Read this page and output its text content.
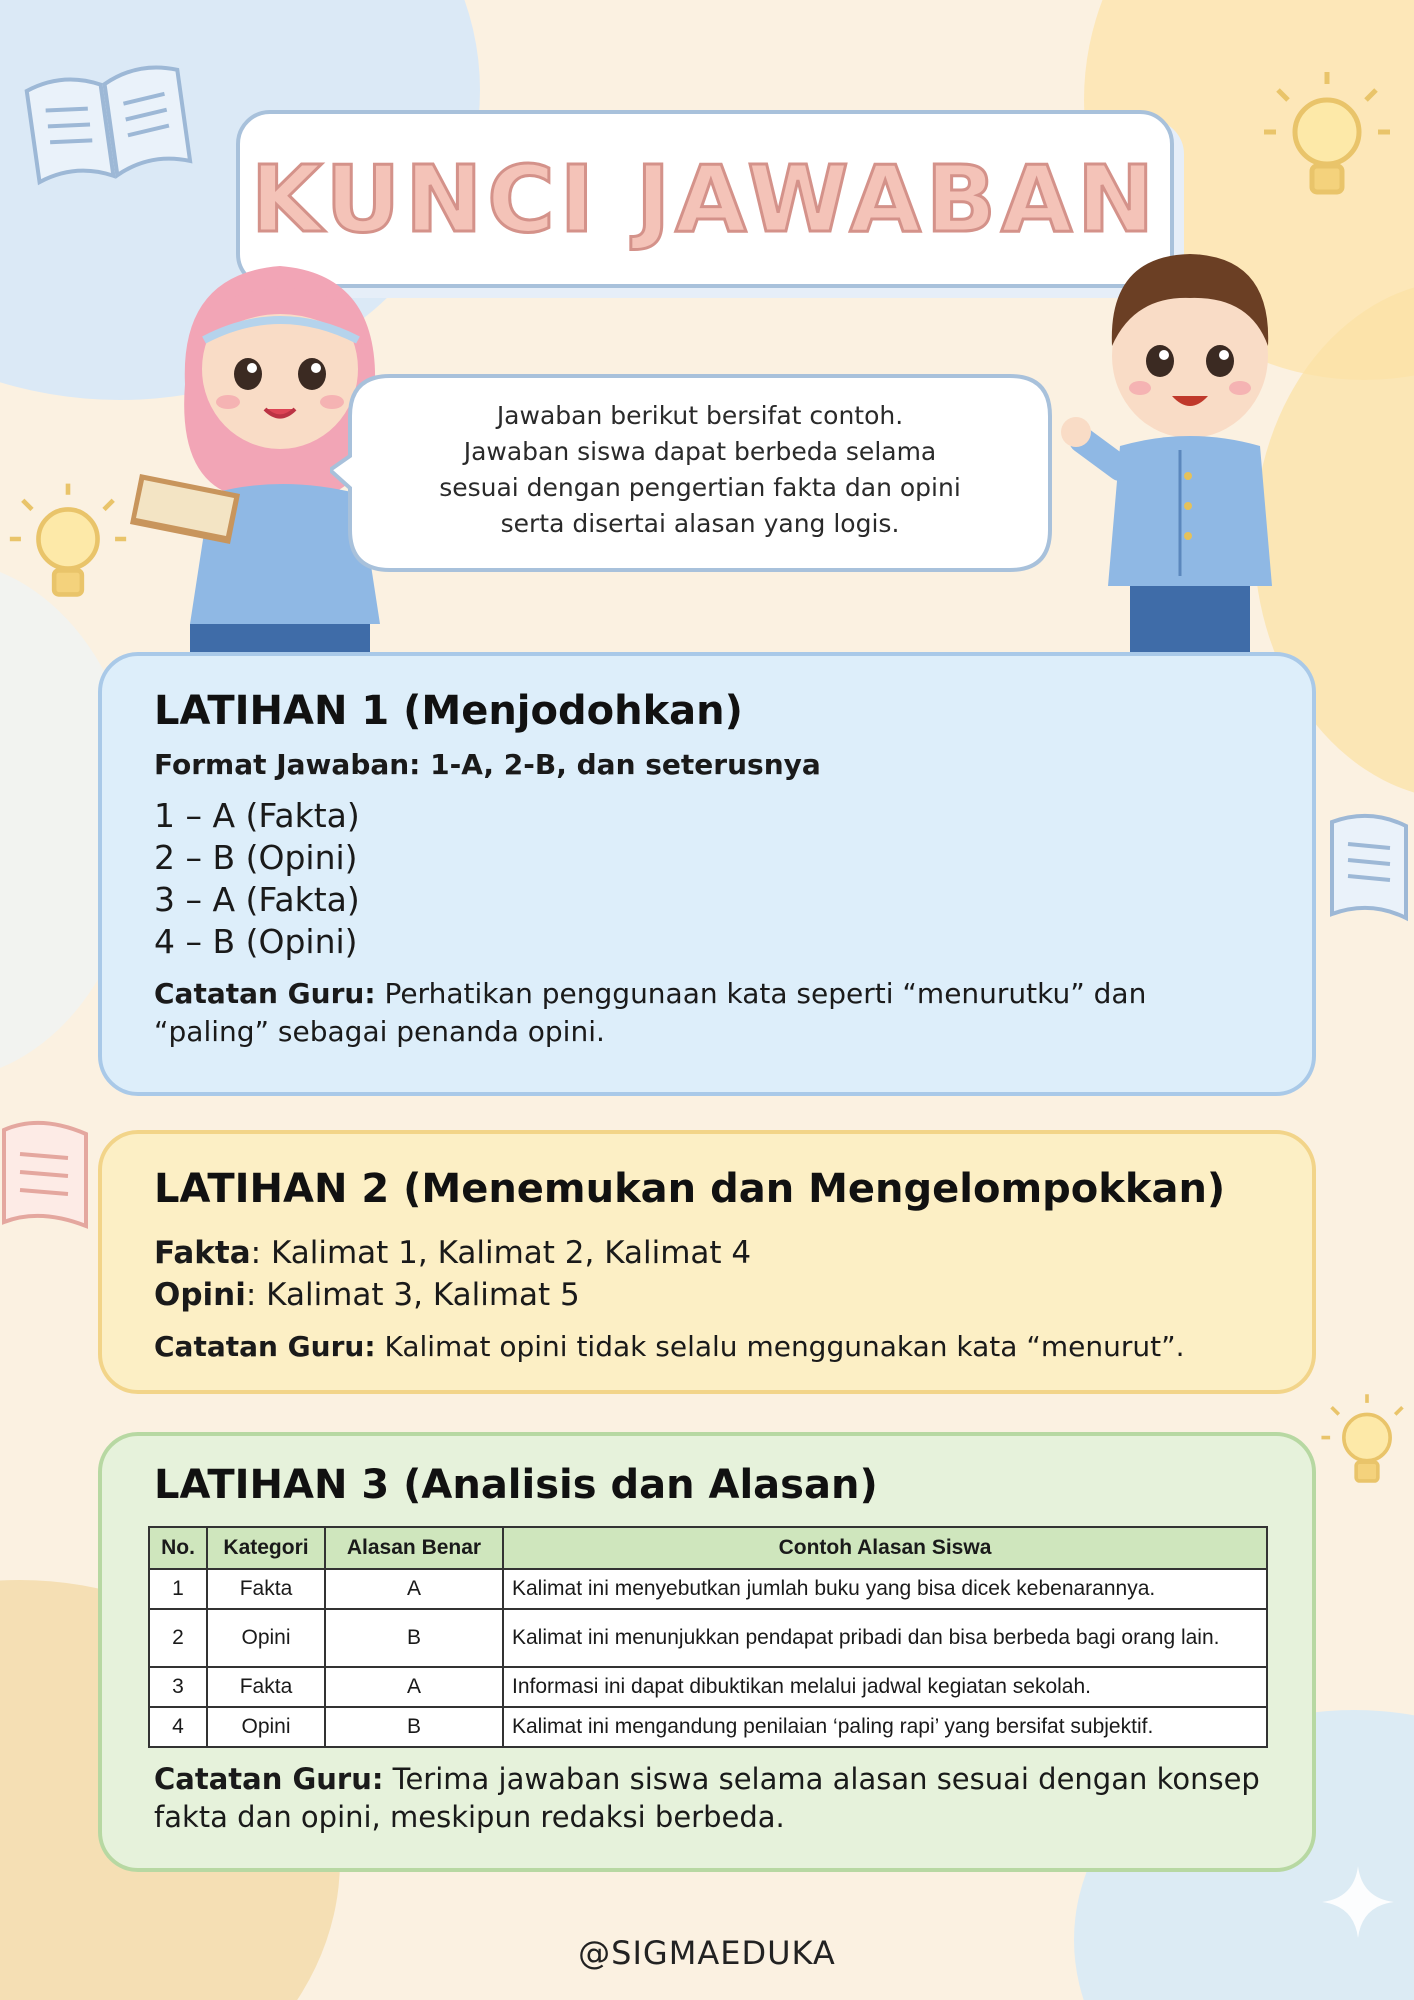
KUNCI JAWABAN
Jawaban berikut bersifat contoh.
Jawaban siswa dapat berbeda selama
sesuai dengan pengertian fakta dan opini
serta disertai alasan yang logis.
LATIHAN 1 (Menjodohkan)
Format Jawaban: 1-A, 2-B, dan seterusnya
1 – A (Fakta)
2 – B (Opini)
3 – A (Fakta)
4 – B (Opini)
Catatan Guru: Perhatikan penggunaan kata seperti “menurutku” dan “paling” sebagai penanda opini.
LATIHAN 2 (Menemukan dan Mengelompokkan)
Fakta: Kalimat 1, Kalimat 2, Kalimat 4
Opini: Kalimat 3, Kalimat 5
Catatan Guru: Kalimat opini tidak selalu menggunakan kata “menurut”.
LATIHAN 3 (Analisis dan Alasan)
No.	Kategori	Alasan Benar	Contoh Alasan Siswa
1	Fakta	A	Kalimat ini menyebutkan jumlah buku yang bisa dicek kebenarannya.
2	Opini	B	Kalimat ini menunjukkan pendapat pribadi dan bisa berbeda bagi orang lain.
3	Fakta	A	Informasi ini dapat dibuktikan melalui jadwal kegiatan sekolah.
4	Opini	B	Kalimat ini mengandung penilaian ‘paling rapi’ yang bersifat subjektif.
Catatan Guru: Terima jawaban siswa selama alasan sesuai dengan konsep fakta dan opini, meskipun redaksi berbeda.
@SIGMAEDUKA
